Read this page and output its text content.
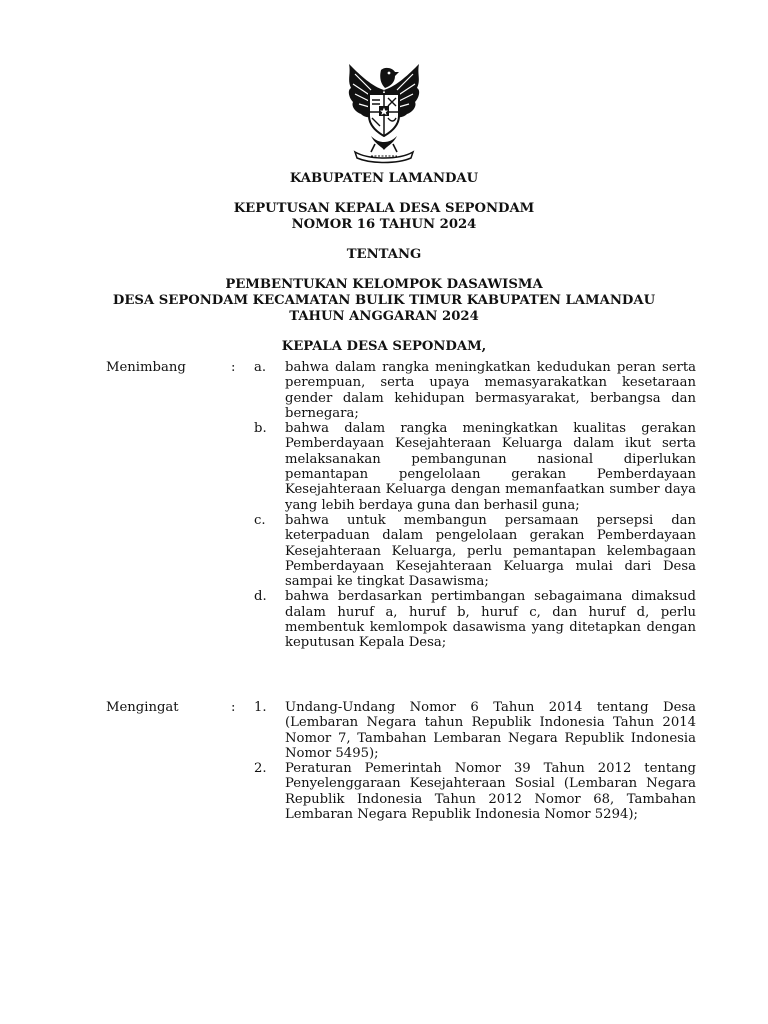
KABUPATEN LAMANDAU

KEPUTUSAN KEPALA DESA SEPONDAM
NOMOR 16 TAHUN 2024

TENTANG

PEMBENTUKAN KELOMPOK DASAWISMA
DESA SEPONDAM KECAMATAN BULIK TIMUR KABUPATEN LAMANDAU
TAHUN ANGGARAN 2024

KEPALA DESA SEPONDAM,

Menimbang	: a. bahwa dalam rangka meningkatkan kedudukan peran serta perempuan, serta upaya memasyarakatkan kesetaraan gender dalam kehidupan bermasyarakat, berbangsa dan bernegara;
b. bahwa dalam rangka meningkatkan kualitas gerakan Pemberdayaan Kesejahteraan Keluarga dalam ikut serta melaksanakan pembangunan nasional diperlukan pemantapan pengelolaan gerakan Pemberdayaan Kesejahteraan Keluarga dengan memanfaatkan sumber daya yang lebih berdaya guna dan berhasil guna;
c. bahwa untuk membangun persamaan persepsi dan keterpaduan dalam pengelolaan gerakan Pemberdayaan Kesejahteraan Keluarga, perlu pemantapan kelembagaan Pemberdayaan Kesejahteraan Keluarga mulai dari Desa sampai ke tingkat Dasawisma;
d. bahwa berdasarkan pertimbangan sebagaimana dimaksud dalam huruf a, huruf b, huruf c, dan huruf d, perlu membentuk kemlompok dasawisma yang ditetapkan dengan keputusan Kepala Desa;
Mengingat	: 1. Undang-Undang Nomor 6 Tahun 2014 tentang Desa (Lembaran Negara tahun Republik Indonesia Tahun 2014 Nomor 7, Tambahan Lembaran Negara Republik Indonesia Nomor 5495);
2. Peraturan Pemerintah Nomor 39 Tahun 2012 tentang Penyelenggaraan Kesejahteraan Sosial (Lembaran Negara Republik Indonesia Tahun 2012 Nomor 68, Tambahan Lembaran Negara Republik Indonesia Nomor 5294);
